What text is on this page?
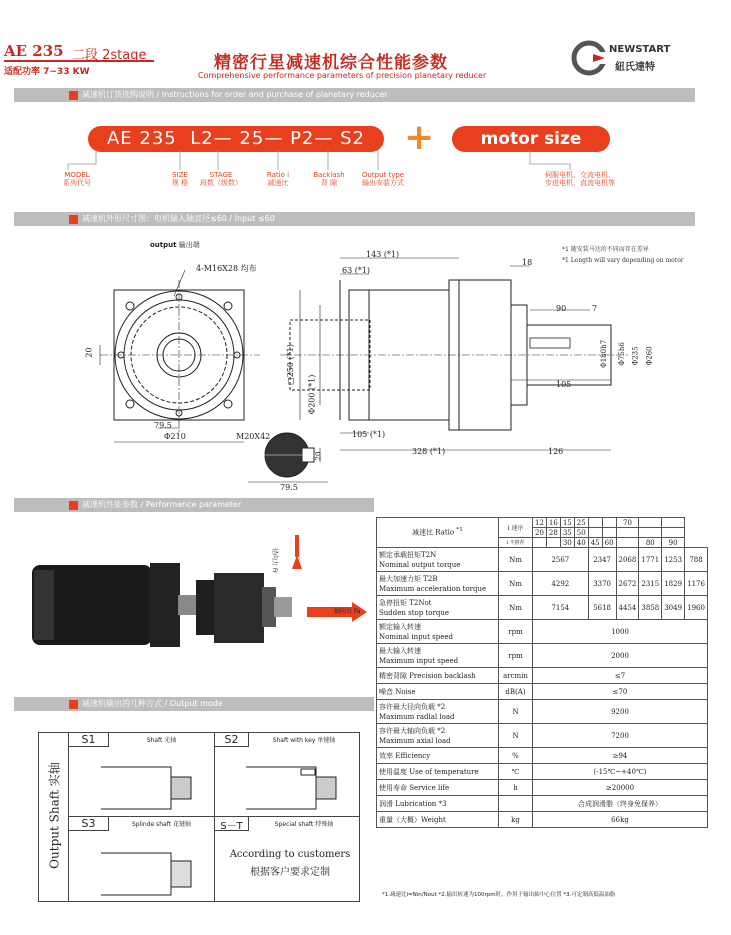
AE 235 二段 2stage
适配功率 7~33 KW	精密行星减速机综合性能参数
Comprehensive performance parameters of precision planetary reducer
NEWSTART
紐氏達特
减速机订货选购说明 / Instructions for order and purchase of planetary reducer
AE 235 L2— 25— P2— S2	+	motor size
MODEL
系列代号
SIZE
规 格
STAGE
段数（级数）
Ratio i
减速比
Backlash
背 隙
Output type
输出安装方式
伺服电机、交流电机、
步进电机、直流电机等
减速机外形尺寸图：电机输入轴直径≤60 / Input ≤60
output 输出端
*1 随安装马达的不同而存在差异
*1 Length will vary depending on motor
4-M16X28 均布
143 (*1)
63 (*1)
18
90	7
105
105 (*1)
328 (*1)	126
20
79.5
Φ210	M20X42
79.5
□250 (*1)
Φ200 (*1)
Φ180h7 Φ75h6 Φ235 Φ260
20
减速机性能参数 / Performance parameter
径向力 Fr
轴向力 Fa
减速机输出的几种方式 / Output mode
Output Shaft 实轴
S1	Shaft 光轴	S2	Shaft with key 单键轴
S3	Splinde shaft 花键轴	S－T	Special shaft 特殊轴
According to customers
根据客户要求定制
减速比 Ratio $^{*1}$	i 速序	12	16	15	25			70			
		20	28	35	50						
	i 不推荐			30	40	45	60		80	90	

额定承载扭矩T2N
Nominal output torque	Nm	2567				2347		2068	1771	1253	788

最大加速力矩 T2B
Maximum acceleration torque	Nm	4292				3370		2672	2315	1829	1176

急停扭矩 T2Not
Sudden stop torque	Nm	7154				5618		4454	3858	3049	1960

额定输入转速
Nominal input speed	rpm	1000									

最大输入转速
Maximum input speed	rpm	2000									

精密背隙 Precision backlash	arcmin	≤7									

噪音 Noise	dB(A)	≤70									

容许最大径向负载 *2
Maximum radial load	N	9200									

容许最大轴向负载 *2
Maximum axial load	N	7200									

效率 Efficiency	%	≥94									

使用温度 Use of temperature	℃	(-15℃~+40℃)									

使用寿命 Service life	h	≥20000									

润滑 Lubrication *3		合成润滑脂（终身免保养）									

重量（大概）Weight	kg	66kg									
*1.减速比i=Nin/Nout *2.输出转速为100rpm时，作用于输出轴中心位置 *3.可定制高低温油脂
